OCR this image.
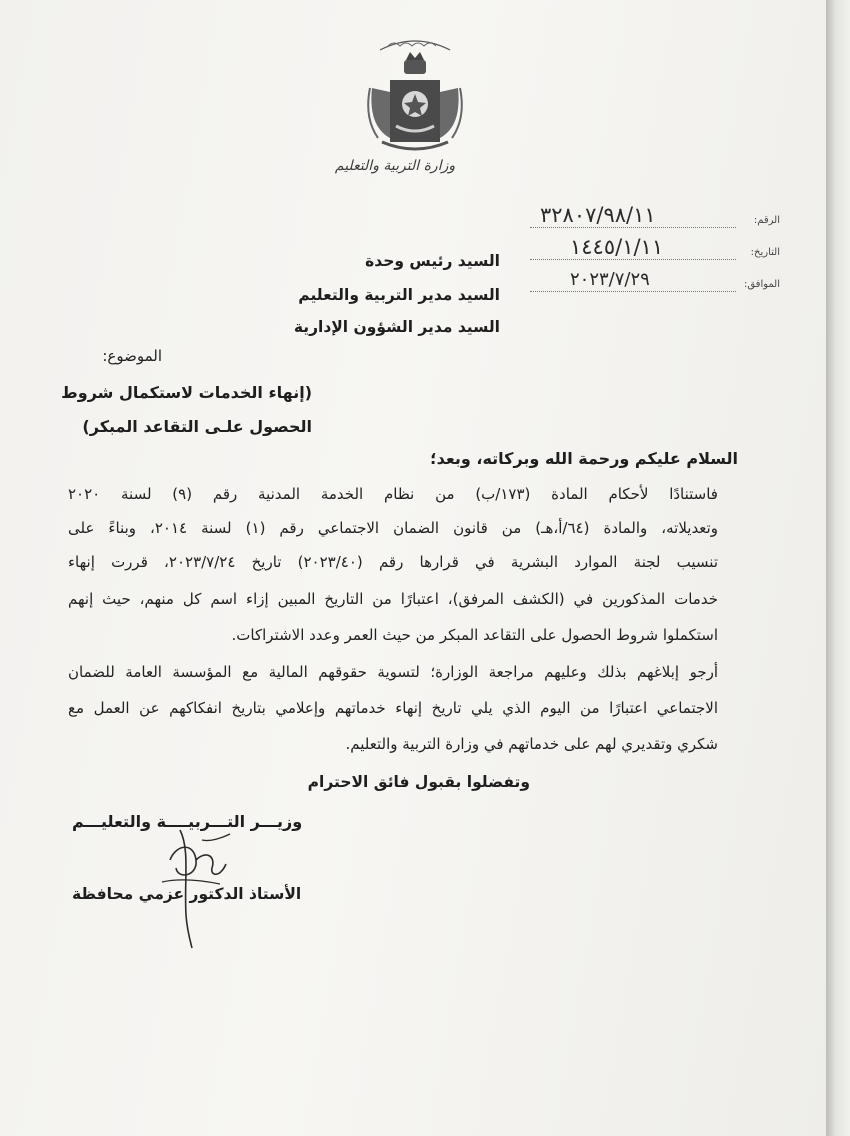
وزارة التربية والتعليم
الرقم:
٣٢٨٠٧/٩٨/١١
التاريخ:
١٤٤٥/١/١١
الموافق:
٢٠٢٣/٧/٢٩
السيد رئيس وحدة
السيد مدير التربية والتعليم
السيد مدير الشؤون الإدارية
الموضوع:
(إنهاء الخدمات لاستكمال شروط
الحصول علـى التقاعد المبكر)
السلام عليكم ورحمة الله وبركاته، وبعد؛
فاستنادًا لأحكام المادة (١٧٣/ب) من نظام الخدمة المدنية رقم (٩) لسنة ٢٠٢٠
وتعديلاته، والمادة (٦٤/أ،هـ) من قانون الضمان الاجتماعي رقم (١) لسنة ٢٠١٤، وبناءً على
تنسيب لجنة الموارد البشرية في قرارها رقم (٢٠٢٣/٤٠) تاريخ ٢٠٢٣/٧/٢٤، قررت إنهاء
خدمات المذكورين في (الكشف المرفق)، اعتبارًا من التاريخ المبين إزاء اسم كل منهم، حيث إنهم
استكملوا شروط الحصول على التقاعد المبكر من حيث العمر وعدد الاشتراكات.
أرجو إبلاغهم بذلك وعليهم مراجعة الوزارة؛ لتسوية حقوقهم المالية مع المؤسسة العامة للضمان
الاجتماعي اعتبارًا من اليوم الذي يلي تاريخ إنهاء خدماتهم وإعلامي بتاريخ انفكاكهم عن العمل مع
شكري وتقديري لهم على خدماتهم في وزارة التربية والتعليم.
وتفضلوا بقبول فائق الاحترام
وزيـــر التـــربيــــة والتعليـــم
الأستاذ الدكتور عزمي محافظة
